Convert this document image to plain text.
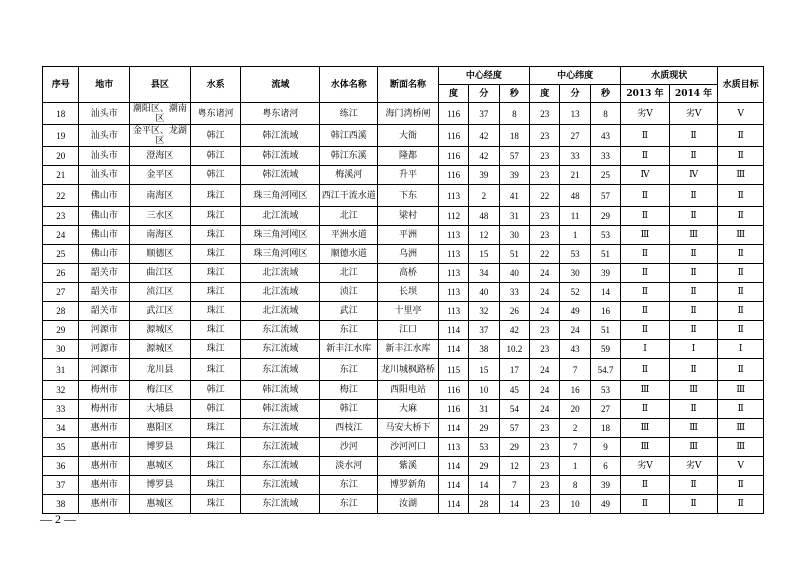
序号	地市	县区	水系	流域	水体名称	断面名称	中心经度			中心纬度			水质现状		水质目标
							度	分	秒	度	分	秒	2013 年	2014 年	
18	汕头市	潮阳区、潮南区	粤东诸河	粤东诸河	练江	海门湾桥闸	116	37	8	23	13	8	劣Ⅴ	劣Ⅴ	Ⅴ
19	汕头市	金平区、龙湖区	韩江	韩江流域	韩江西溪	大衙	116	42	18	23	27	43	Ⅱ	Ⅱ	Ⅱ
20	汕头市	澄海区	韩江	韩江流域	韩江东溪	隆都	116	42	57	23	33	33	Ⅱ	Ⅱ	Ⅱ
21	汕头市	金平区	韩江	韩江流域	梅溪河	升平	116	39	39	23	21	25	Ⅳ	Ⅳ	Ⅲ
22	佛山市	南海区	珠江	珠三角河网区	西江干流水道	下东	113	2	41	22	48	57	Ⅱ	Ⅱ	Ⅱ
23	佛山市	三水区	珠江	北江流域	北江	梁村	112	48	31	23	11	29	Ⅱ	Ⅱ	Ⅱ
24	佛山市	南海区	珠江	珠三角河网区	平洲水道	平洲	113	12	30	23	1	53	Ⅲ	Ⅲ	Ⅲ
25	佛山市	顺德区	珠江	珠三角河网区	顺德水道	乌洲	113	15	51	22	53	51	Ⅱ	Ⅱ	Ⅱ
26	韶关市	曲江区	珠江	北江流域	北江	高桥	113	34	40	24	30	39	Ⅱ	Ⅱ	Ⅱ
27	韶关市	浈江区	珠江	北江流域	浈江	长坝	113	40	33	24	52	14	Ⅱ	Ⅱ	Ⅱ
28	韶关市	武江区	珠江	北江流域	武江	十里亭	113	32	26	24	49	16	Ⅱ	Ⅱ	Ⅱ
29	河源市	源城区	珠江	东江流域	东江	江口	114	37	42	23	24	51	Ⅱ	Ⅱ	Ⅱ
30	河源市	源城区	珠江	东江流域	新丰江水库	新丰江水库	114	38	10.2	23	43	59	Ⅰ	Ⅰ	Ⅰ
31	河源市	龙川县	珠江	东江流域	东江	龙川城枫路桥	115	15	17	24	7	54.7	Ⅱ	Ⅱ	Ⅱ
32	梅州市	梅江区	韩江	韩江流域	梅江	西阳电站	116	10	45	24	16	53	Ⅲ	Ⅲ	Ⅲ
33	梅州市	大埔县	韩江	韩江流域	韩江	大麻	116	31	54	24	20	27	Ⅱ	Ⅱ	Ⅱ
34	惠州市	惠阳区	珠江	东江流域	西枝江	马安大桥下	114	29	57	23	2	18	Ⅲ	Ⅲ	Ⅲ
35	惠州市	博罗县	珠江	东江流域	沙河	沙河河口	113	53	29	23	7	9	Ⅲ	Ⅲ	Ⅲ
36	惠州市	惠城区	珠江	东江流域	淡水河	紫溪	114	29	12	23	1	6	劣Ⅴ	劣Ⅴ	Ⅴ
37	惠州市	博罗县	珠江	东江流域	东江	博罗新角	114	14	7	23	8	39	Ⅱ	Ⅱ	Ⅱ
38	惠州市	惠城区	珠江	东江流域	东江	汝湖	114	28	14	23	10	49	Ⅱ	Ⅱ	Ⅱ
— 2 —
